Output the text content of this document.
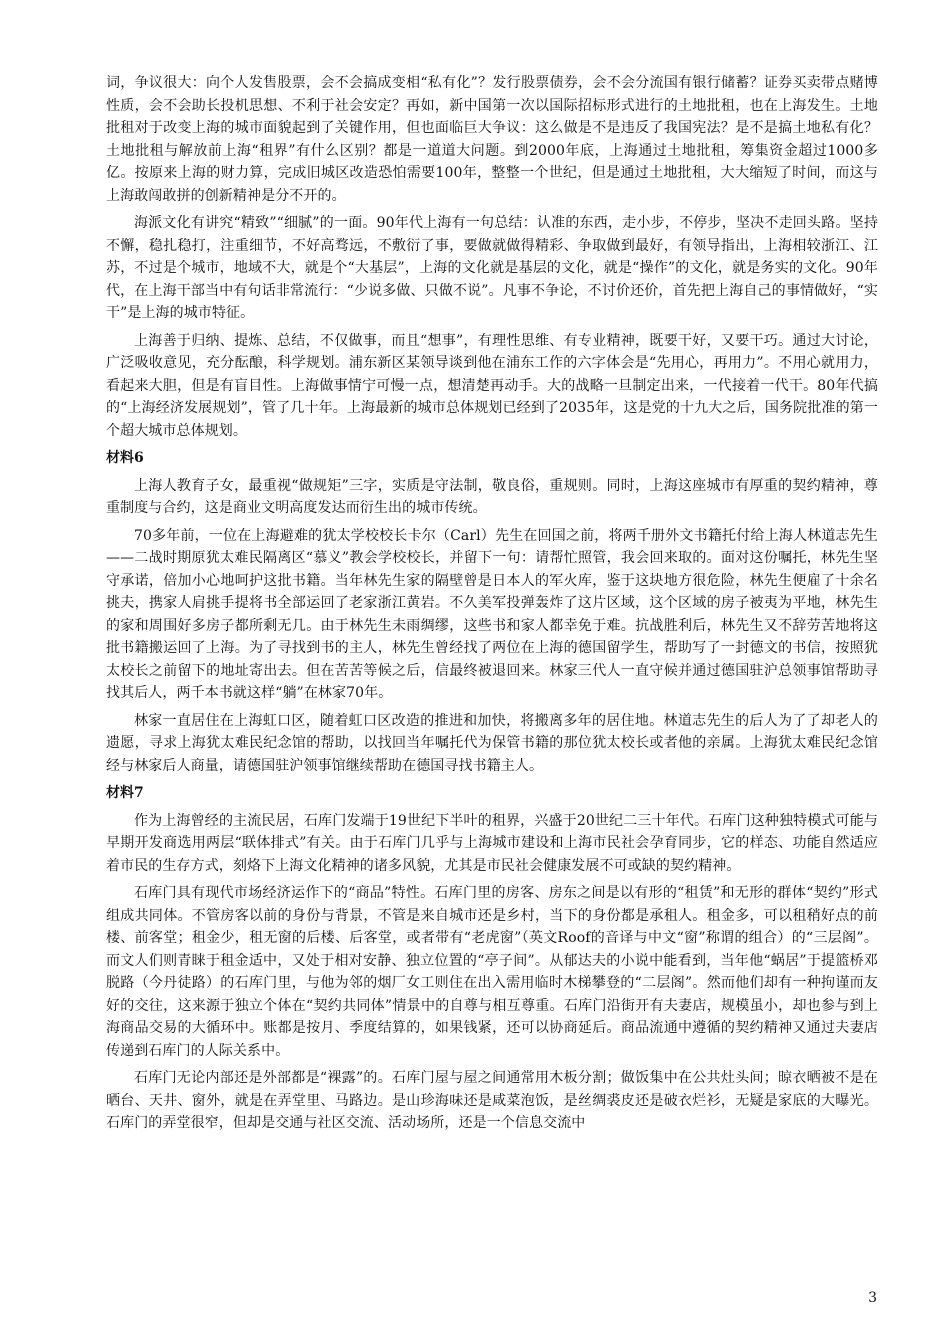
词，争议很大：向个人发售股票，会不会搞成变相“私有化”？发行股票债券，会不会分流国有银行储蓄？证券买卖带点赌博性质，会不会助长投机思想、不利于社会安定？再如，新中国第一次以国际招标形式进行的土地批租，也在上海发生。土地批租对于改变上海的城市面貌起到了关键作用，但也面临巨大争议：这么做是不是违反了我国宪法？是不是搞土地私有化？土地批租与解放前上海“租界”有什么区别？都是一道道大问题。到2000年底，上海通过土地批租，筹集资金超过1000多亿。按原来上海的财力算，完成旧城区改造恐怕需要100年，整整一个世纪，但是通过土地批租，大大缩短了时间，而这与上海敢闯敢拼的创新精神是分不开的。

海派文化有讲究“精致”“细腻”的一面。90年代上海有一句总结：认准的东西，走小步，不停步，坚决不走回头路。坚持不懈，稳扎稳打，注重细节，不好高骛远，不敷衍了事，要做就做得精彩、争取做到最好，有领导指出，上海相较浙江、江苏，不过是个城市，地域不大，就是个“大基层”，上海的文化就是基层的文化，就是“操作”的文化，就是务实的文化。90年代，在上海干部当中有句话非常流行：“少说多做、只做不说”。凡事不争论，不讨价还价，首先把上海自己的事情做好，“实干”是上海的城市特征。

上海善于归纳、提炼、总结，不仅做事，而且“想事”，有理性思维、有专业精神，既要干好，又要干巧。通过大讨论，广泛吸收意见，充分酝酿，科学规划。浦东新区某领导谈到他在浦东工作的六字体会是“先用心，再用力”。不用心就用力，看起来大胆，但是有盲目性。上海做事情宁可慢一点，想清楚再动手。大的战略一旦制定出来，一代接着一代干。80年代搞的“上海经济发展规划”，管了几十年。上海最新的城市总体规划已经到了2035年，这是党的十九大之后，国务院批准的第一个超大城市总体规划。

材料6

上海人教育子女，最重视“做规矩”三字，实质是守法制，敬良俗，重规则。同时，上海这座城市有厚重的契约精神，尊重制度与合约，这是商业文明高度发达而衍生出的城市传统。

70多年前，一位在上海避难的犹太学校校长卡尔（Carl）先生在回国之前，将两千册外文书籍托付给上海人林道志先生——二战时期原犹太难民隔离区“慕义”教会学校校长，并留下一句：请帮忙照管，我会回来取的。面对这份嘱托，林先生坚守承诺，倍加小心地呵护这批书籍。当年林先生家的隔壁曾是日本人的军火库，鉴于这块地方很危险，林先生便雇了十余名挑夫，携家人肩挑手提将书全部运回了老家浙江黄岩。不久美军投弹轰炸了这片区域，这个区域的房子被夷为平地，林先生的家和周围好多房子都所剩无几。由于林先生未雨绸缪，这些书和家人都幸免于难。抗战胜利后，林先生又不辞劳苦地将这批书籍搬运回了上海。为了寻找到书的主人，林先生曾经找了两位在上海的德国留学生，帮助写了一封德文的书信，按照犹太校长之前留下的地址寄出去。但在苦苦等候之后，信最终被退回来。林家三代人一直守候并通过德国驻沪总领事馆帮助寻找其后人，两千本书就这样“躺”在林家70年。

林家一直居住在上海虹口区，随着虹口区改造的推进和加快，将搬离多年的居住地。林道志先生的后人为了了却老人的遗愿，寻求上海犹太难民纪念馆的帮助，以找回当年嘱托代为保管书籍的那位犹太校长或者他的亲属。上海犹太难民纪念馆经与林家后人商量，请德国驻沪领事馆继续帮助在德国寻找书籍主人。

材料7

作为上海曾经的主流民居，石库门发端于19世纪下半叶的租界，兴盛于20世纪二三十年代。石库门这种独特模式可能与早期开发商选用两层“联体排式”有关。由于石库门几乎与上海城市建设和上海市民社会孕育同步，它的样态、功能自然适应着市民的生存方式，刻烙下上海文化精神的诸多风貌，尤其是市民社会健康发展不可或缺的契约精神。

石库门具有现代市场经济运作下的“商品”特性。石库门里的房客、房东之间是以有形的“租赁”和无形的群体“契约”形式组成共同体。不管房客以前的身份与背景，不管是来自城市还是乡村，当下的身份都是承租人。租金多，可以租稍好点的前楼、前客堂；租金少，租无窗的后楼、后客堂，或者带有“老虎窗”（英文Roof的音译与中文“窗”称谓的组合）的“三层阁”。而文人们则青睐于租金适中，又处于相对安静、独立位置的“亭子间”。从郁达夫的小说中能看到，当年他“蜗居”于提篮桥邓脱路（今丹徒路）的石库门里，与他为邻的烟厂女工则住在出入需用临时木梯攀登的“二层阁”。然而他们却有一种拘谨而友好的交往，这来源于独立个体在“契约共同体”情景中的自尊与相互尊重。石库门沿街开有夫妻店，规模虽小，却也参与到上海商品交易的大循环中。账都是按月、季度结算的，如果钱紧，还可以协商延后。商品流通中遵循的契约精神又通过夫妻店传递到石库门的人际关系中。

石库门无论内部还是外部都是“裸露”的。石库门屋与屋之间通常用木板分割；做饭集中在公共灶头间；晾衣晒被不是在晒台、天井、窗外，就是在弄堂里、马路边。是山珍海味还是咸菜泡饭，是丝绸裘皮还是破衣烂衫，无疑是家底的大曝光。石库门的弄堂很窄，但却是交通与社区交流、活动场所，还是一个信息交流中

3
